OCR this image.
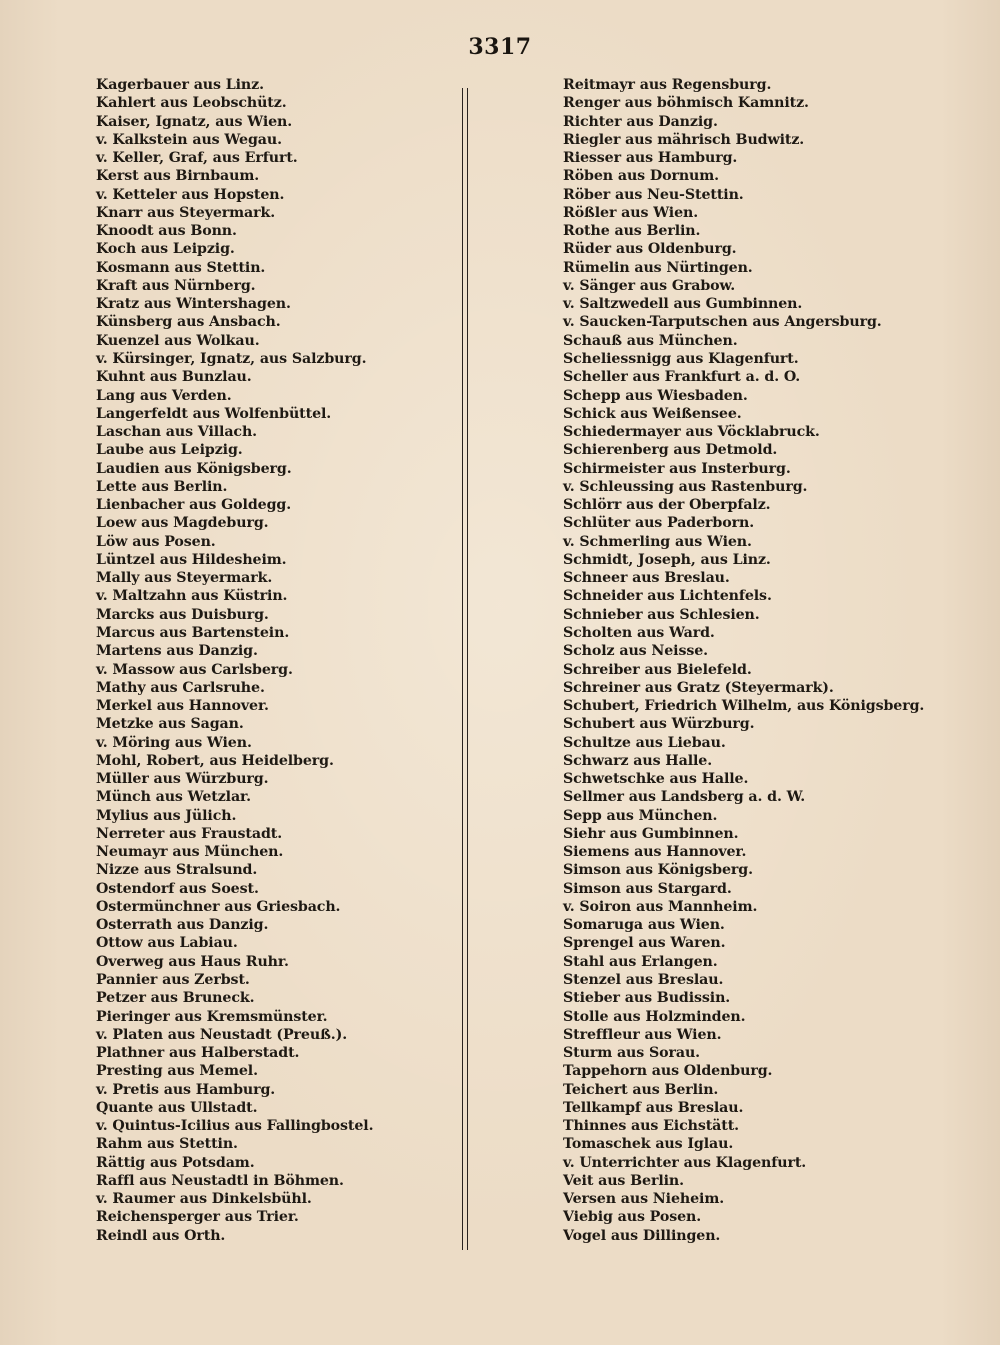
3317
Kagerbauer aus Linz.
Kahlert aus Leobschütz.
Kaiser, Ignatz, aus Wien.
v. Kalkstein aus Wegau.
v. Keller, Graf, aus Erfurt.
Kerst aus Birnbaum.
v. Ketteler aus Hopsten.
Knarr aus Steyermark.
Knoodt aus Bonn.
Koch aus Leipzig.
Kosmann aus Stettin.
Kraft aus Nürnberg.
Kratz aus Wintershagen.
Künsberg aus Ansbach.
Kuenzel aus Wolkau.
v. Kürsinger, Ignatz, aus Salzburg.
Kuhnt aus Bunzlau.
Lang aus Verden.
Langerfeldt aus Wolfenbüttel.
Laschan aus Villach.
Laube aus Leipzig.
Laudien aus Königsberg.
Lette aus Berlin.
Lienbacher aus Goldegg.
Loew aus Magdeburg.
Löw aus Posen.
Lüntzel aus Hildesheim.
Mally aus Steyermark.
v. Maltzahn aus Küstrin.
Marcks aus Duisburg.
Marcus aus Bartenstein.
Martens aus Danzig.
v. Massow aus Carlsberg.
Mathy aus Carlsruhe.
Merkel aus Hannover.
Metzke aus Sagan.
v. Möring aus Wien.
Mohl, Robert, aus Heidelberg.
Müller aus Würzburg.
Münch aus Wetzlar.
Mylius aus Jülich.
Nerreter aus Fraustadt.
Neumayr aus München.
Nizze aus Stralsund.
Ostendorf aus Soest.
Ostermünchner aus Griesbach.
Osterrath aus Danzig.
Ottow aus Labiau.
Overweg aus Haus Ruhr.
Pannier aus Zerbst.
Petzer aus Bruneck.
Pieringer aus Kremsmünster.
v. Platen aus Neustadt (Preuß.).
Plathner aus Halberstadt.
Presting aus Memel.
v. Pretis aus Hamburg.
Quante aus Ullstadt.
v. Quintus-Icilius aus Fallingbostel.
Rahm aus Stettin.
Rättig aus Potsdam.
Raffl aus Neustadtl in Böhmen.
v. Raumer aus Dinkelsbühl.
Reichensperger aus Trier.
Reindl aus Orth.
Reitmayr aus Regensburg.
Renger aus böhmisch Kamnitz.
Richter aus Danzig.
Riegler aus mährisch Budwitz.
Riesser aus Hamburg.
Röben aus Dornum.
Röber aus Neu-Stettin.
Rößler aus Wien.
Rothe aus Berlin.
Rüder aus Oldenburg.
Rümelin aus Nürtingen.
v. Sänger aus Grabow.
v. Saltzwedell aus Gumbinnen.
v. Saucken-Tarputschen aus Angersburg.
Schauß aus München.
Scheliessnigg aus Klagenfurt.
Scheller aus Frankfurt a. d. O.
Schepp aus Wiesbaden.
Schick aus Weißensee.
Schiedermayer aus Vöcklabruck.
Schierenberg aus Detmold.
Schirmeister aus Insterburg.
v. Schleussing aus Rastenburg.
Schlörr aus der Oberpfalz.
Schlüter aus Paderborn.
v. Schmerling aus Wien.
Schmidt, Joseph, aus Linz.
Schneer aus Breslau.
Schneider aus Lichtenfels.
Schnieber aus Schlesien.
Scholten aus Ward.
Scholz aus Neisse.
Schreiber aus Bielefeld.
Schreiner aus Gratz (Steyermark).
Schubert, Friedrich Wilhelm, aus Königsberg.
Schubert aus Würzburg.
Schultze aus Liebau.
Schwarz aus Halle.
Schwetschke aus Halle.
Sellmer aus Landsberg a. d. W.
Sepp aus München.
Siehr aus Gumbinnen.
Siemens aus Hannover.
Simson aus Königsberg.
Simson aus Stargard.
v. Soiron aus Mannheim.
Somaruga aus Wien.
Sprengel aus Waren.
Stahl aus Erlangen.
Stenzel aus Breslau.
Stieber aus Budissin.
Stolle aus Holzminden.
Streffleur aus Wien.
Sturm aus Sorau.
Tappehorn aus Oldenburg.
Teichert aus Berlin.
Tellkampf aus Breslau.
Thinnes aus Eichstätt.
Tomaschek aus Iglau.
v. Unterrichter aus Klagenfurt.
Veit aus Berlin.
Versen aus Nieheim.
Viebig aus Posen.
Vogel aus Dillingen.
